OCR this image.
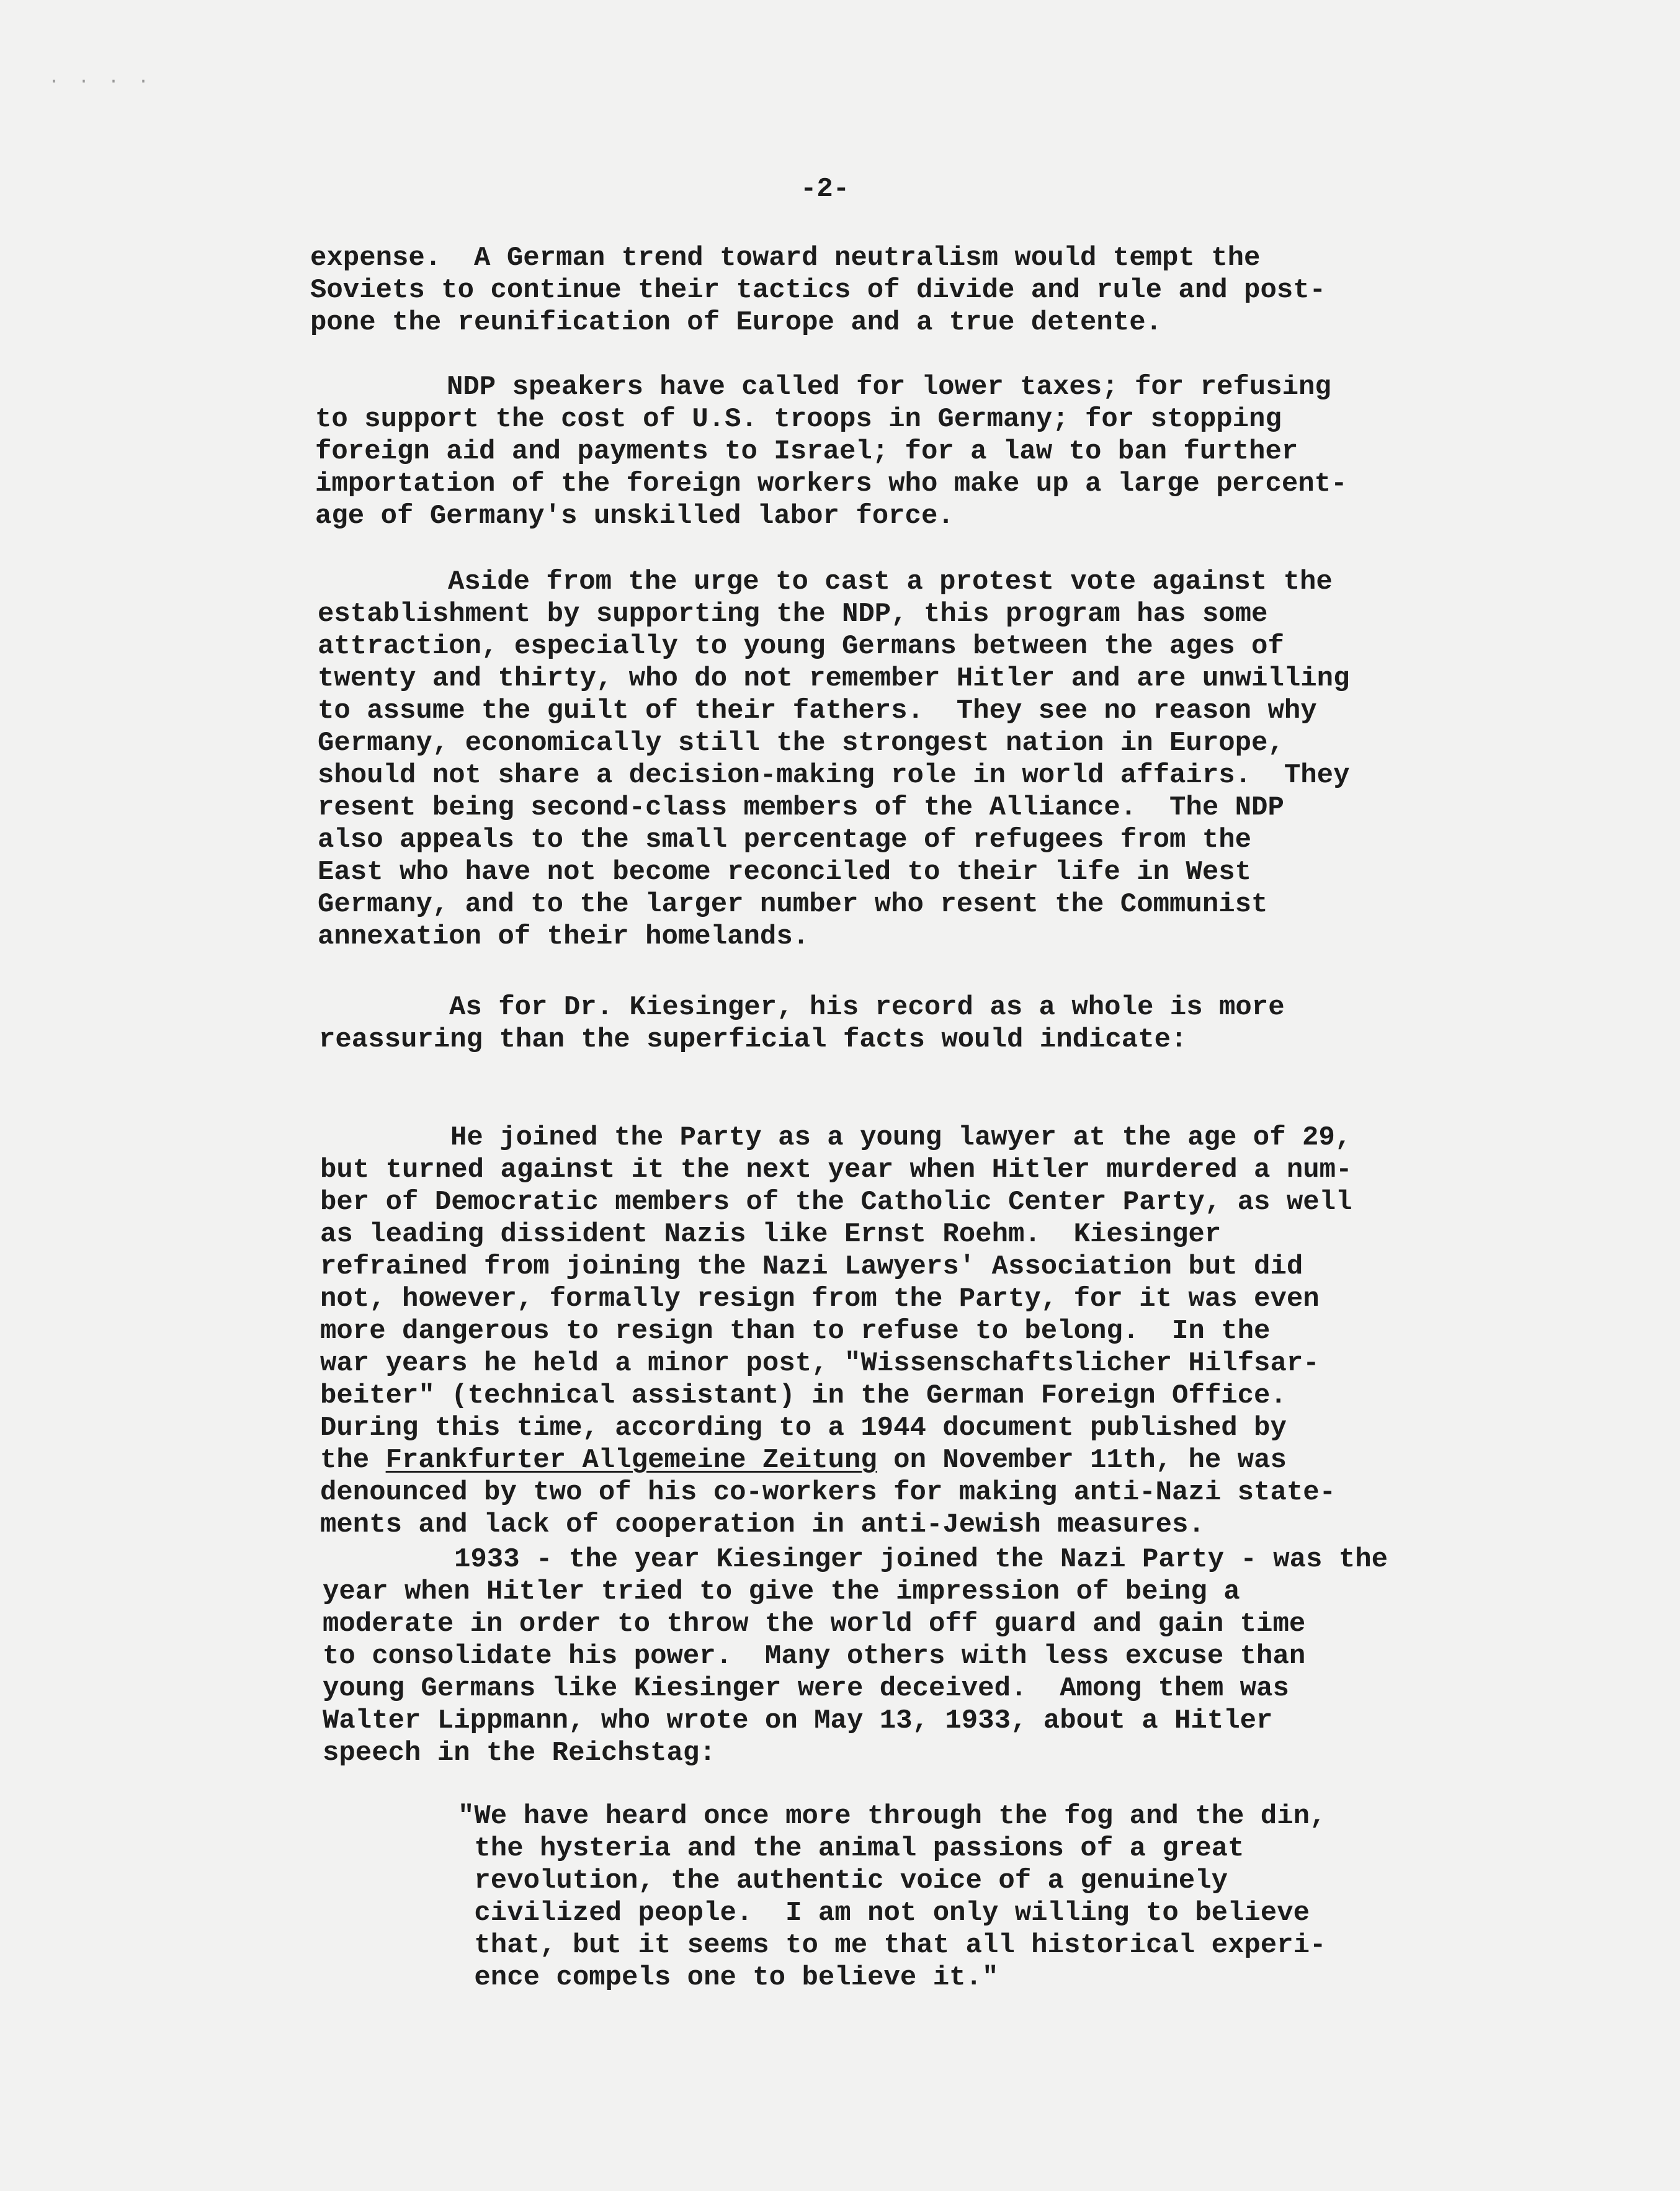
· · · ·
-2-
expense.  A German trend toward neutralism would tempt the
Soviets to continue their tactics of divide and rule and post-
pone the reunification of Europe and a true detente.
NDP speakers have called for lower taxes; for refusing
to support the cost of U.S. troops in Germany; for stopping
foreign aid and payments to Israel; for a law to ban further
importation of the foreign workers who make up a large percent-
age of Germany's unskilled labor force.
Aside from the urge to cast a protest vote against the
establishment by supporting the NDP, this program has some
attraction, especially to young Germans between the ages of
twenty and thirty, who do not remember Hitler and are unwilling
to assume the guilt of their fathers.  They see no reason why
Germany, economically still the strongest nation in Europe,
should not share a decision-making role in world affairs.  They
resent being second-class members of the Alliance.  The NDP
also appeals to the small percentage of refugees from the
East who have not become reconciled to their life in West
Germany, and to the larger number who resent the Communist
annexation of their homelands.
As for Dr. Kiesinger, his record as a whole is more
reassuring than the superficial facts would indicate:
He joined the Party as a young lawyer at the age of 29,
but turned against it the next year when Hitler murdered a num-
ber of Democratic members of the Catholic Center Party, as well
as leading dissident Nazis like Ernst Roehm.  Kiesinger
refrained from joining the Nazi Lawyers' Association but did
not, however, formally resign from the Party, for it was even
more dangerous to resign than to refuse to belong.  In the
war years he held a minor post, "Wissenschaftslicher Hilfsar-
beiter" (technical assistant) in the German Foreign Office.
During this time, according to a 1944 document published by
the Frankfurter Allgemeine Zeitung on November 11th, he was
denounced by two of his co-workers for making anti-Nazi state-
ments and lack of cooperation in anti-Jewish measures.
1933 - the year Kiesinger joined the Nazi Party - was the
year when Hitler tried to give the impression of being a
moderate in order to throw the world off guard and gain time
to consolidate his power.  Many others with less excuse than
young Germans like Kiesinger were deceived.  Among them was
Walter Lippmann, who wrote on May 13, 1933, about a Hitler
speech in the Reichstag:
"We have heard once more through the fog and the din,
the hysteria and the animal passions of a great
revolution, the authentic voice of a genuinely
civilized people.  I am not only willing to believe
that, but it seems to me that all historical experi-
ence compels one to believe it."
